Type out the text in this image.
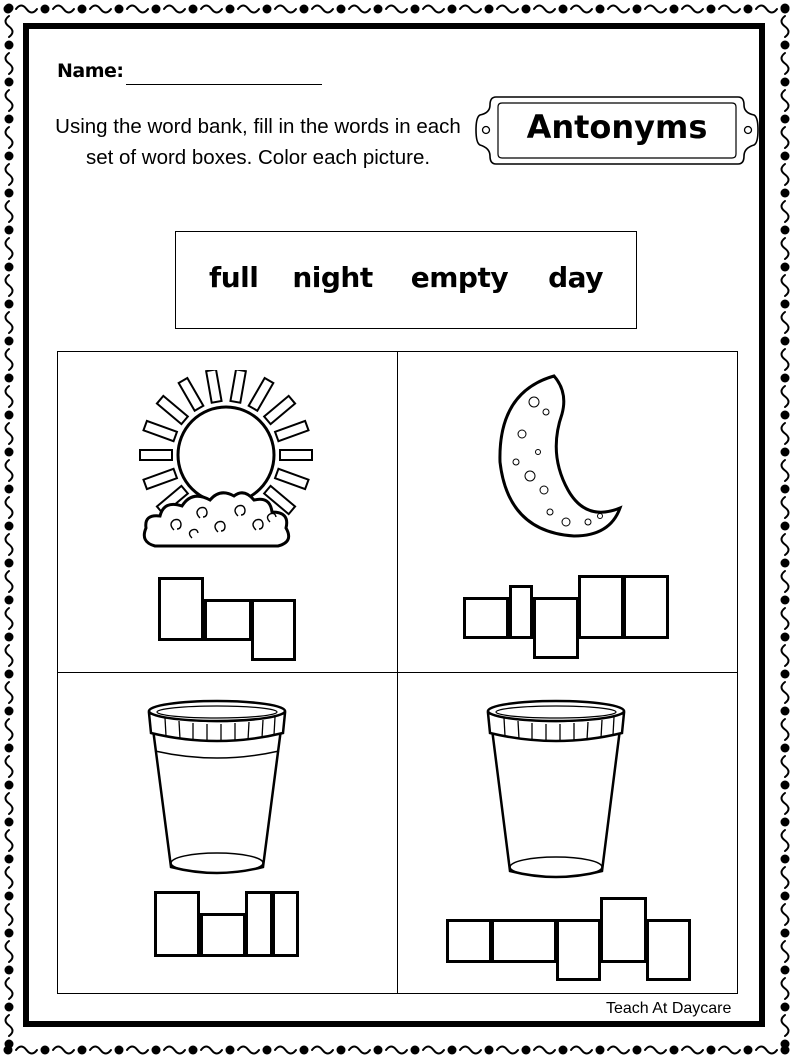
Name:
Using the word bank, fill in the words in each set of word boxes. Color each picture.
Antonyms
full night empty day
Teach At Daycare
